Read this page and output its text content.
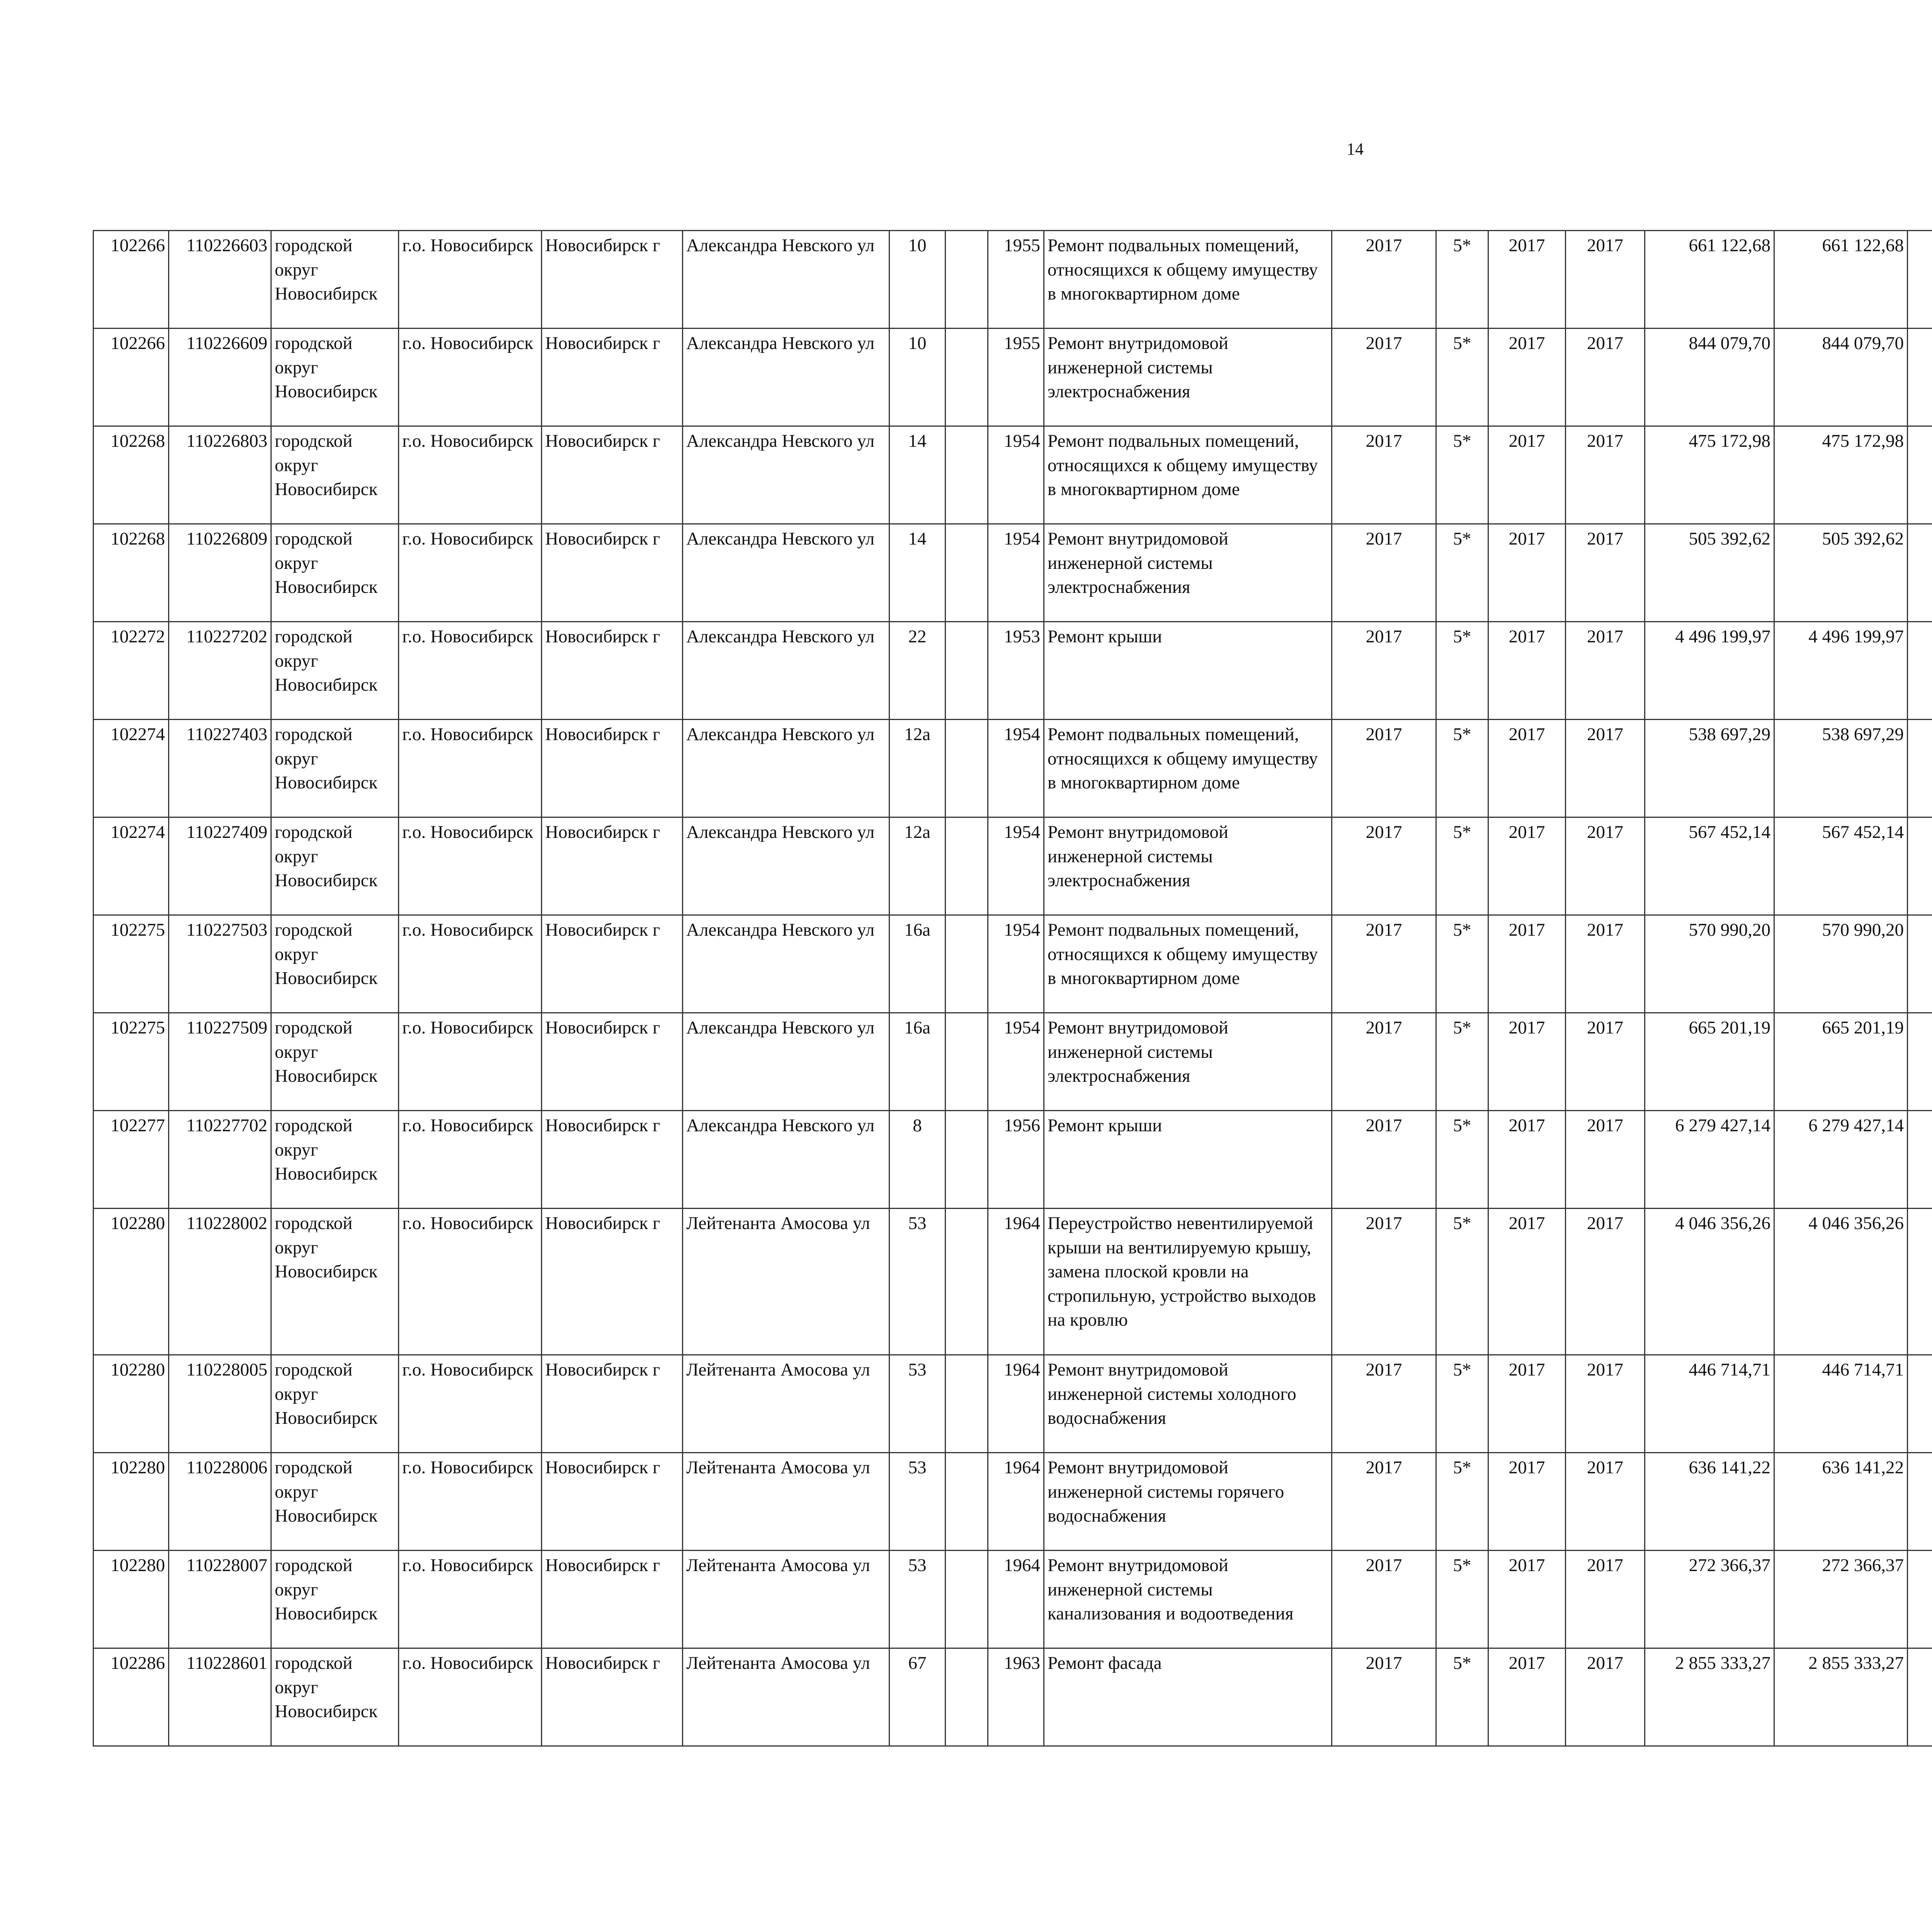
14
102266	110226603	городской округ Новосибирск	г.о. Новосибирск	Новосибирск г	Александра Невского ул	10		1955	Ремонт подвальных помещений, относящихся к общему имуществу в многоквартирном доме	2017	5*	2017	2017	661 122,68	661 122,68						
102266	110226609	городской округ Новосибирск	г.о. Новосибирск	Новосибирск г	Александра Невского ул	10		1955	Ремонт внутридомовой инженерной системы электроснабжения	2017	5*	2017	2017	844 079,70	844 079,70						
102268	110226803	городской округ Новосибирск	г.о. Новосибирск	Новосибирск г	Александра Невского ул	14		1954	Ремонт подвальных помещений, относящихся к общему имуществу в многоквартирном доме	2017	5*	2017	2017	475 172,98	475 172,98						
102268	110226809	городской округ Новосибирск	г.о. Новосибирск	Новосибирск г	Александра Невского ул	14		1954	Ремонт внутридомовой инженерной системы электроснабжения	2017	5*	2017	2017	505 392,62	505 392,62						
102272	110227202	городской округ Новосибирск	г.о. Новосибирск	Новосибирск г	Александра Невского ул	22		1953	Ремонт крыши	2017	5*	2017	2017	4 496 199,97	4 496 199,97						
102274	110227403	городской округ Новосибирск	г.о. Новосибирск	Новосибирск г	Александра Невского ул	12а		1954	Ремонт подвальных помещений, относящихся к общему имуществу в многоквартирном доме	2017	5*	2017	2017	538 697,29	538 697,29						
102274	110227409	городской округ Новосибирск	г.о. Новосибирск	Новосибирск г	Александра Невского ул	12а		1954	Ремонт внутридомовой инженерной системы электроснабжения	2017	5*	2017	2017	567 452,14	567 452,14						
102275	110227503	городской округ Новосибирск	г.о. Новосибирск	Новосибирск г	Александра Невского ул	16а		1954	Ремонт подвальных помещений, относящихся к общему имуществу в многоквартирном доме	2017	5*	2017	2017	570 990,20	570 990,20						
102275	110227509	городской округ Новосибирск	г.о. Новосибирск	Новосибирск г	Александра Невского ул	16а		1954	Ремонт внутридомовой инженерной системы электроснабжения	2017	5*	2017	2017	665 201,19	665 201,19						
102277	110227702	городской округ Новосибирск	г.о. Новосибирск	Новосибирск г	Александра Невского ул	8		1956	Ремонт крыши	2017	5*	2017	2017	6 279 427,14	6 279 427,14						
102280	110228002	городской округ Новосибирск	г.о. Новосибирск	Новосибирск г	Лейтенанта Амосова ул	53		1964	Переустройство невентилируемой крыши на вентилируемую крышу, замена плоской кровли на стропильную, устройство выходов на кровлю	2017	5*	2017	2017	4 046 356,26	4 046 356,26						
102280	110228005	городской округ Новосибирск	г.о. Новосибирск	Новосибирск г	Лейтенанта Амосова ул	53		1964	Ремонт внутридомовой инженерной системы холодного водоснабжения	2017	5*	2017	2017	446 714,71	446 714,71						
102280	110228006	городской округ Новосибирск	г.о. Новосибирск	Новосибирск г	Лейтенанта Амосова ул	53		1964	Ремонт внутридомовой инженерной системы горячего водоснабжения	2017	5*	2017	2017	636 141,22	636 141,22						
102280	110228007	городской округ Новосибирск	г.о. Новосибирск	Новосибирск г	Лейтенанта Амосова ул	53		1964	Ремонт внутридомовой инженерной системы канализования и водоотведения	2017	5*	2017	2017	272 366,37	272 366,37						
102286	110228601	городской округ Новосибирск	г.о. Новосибирск	Новосибирск г	Лейтенанта Амосова ул	67		1963	Ремонт фасада	2017	5*	2017	2017	2 855 333,27	2 855 333,27						
